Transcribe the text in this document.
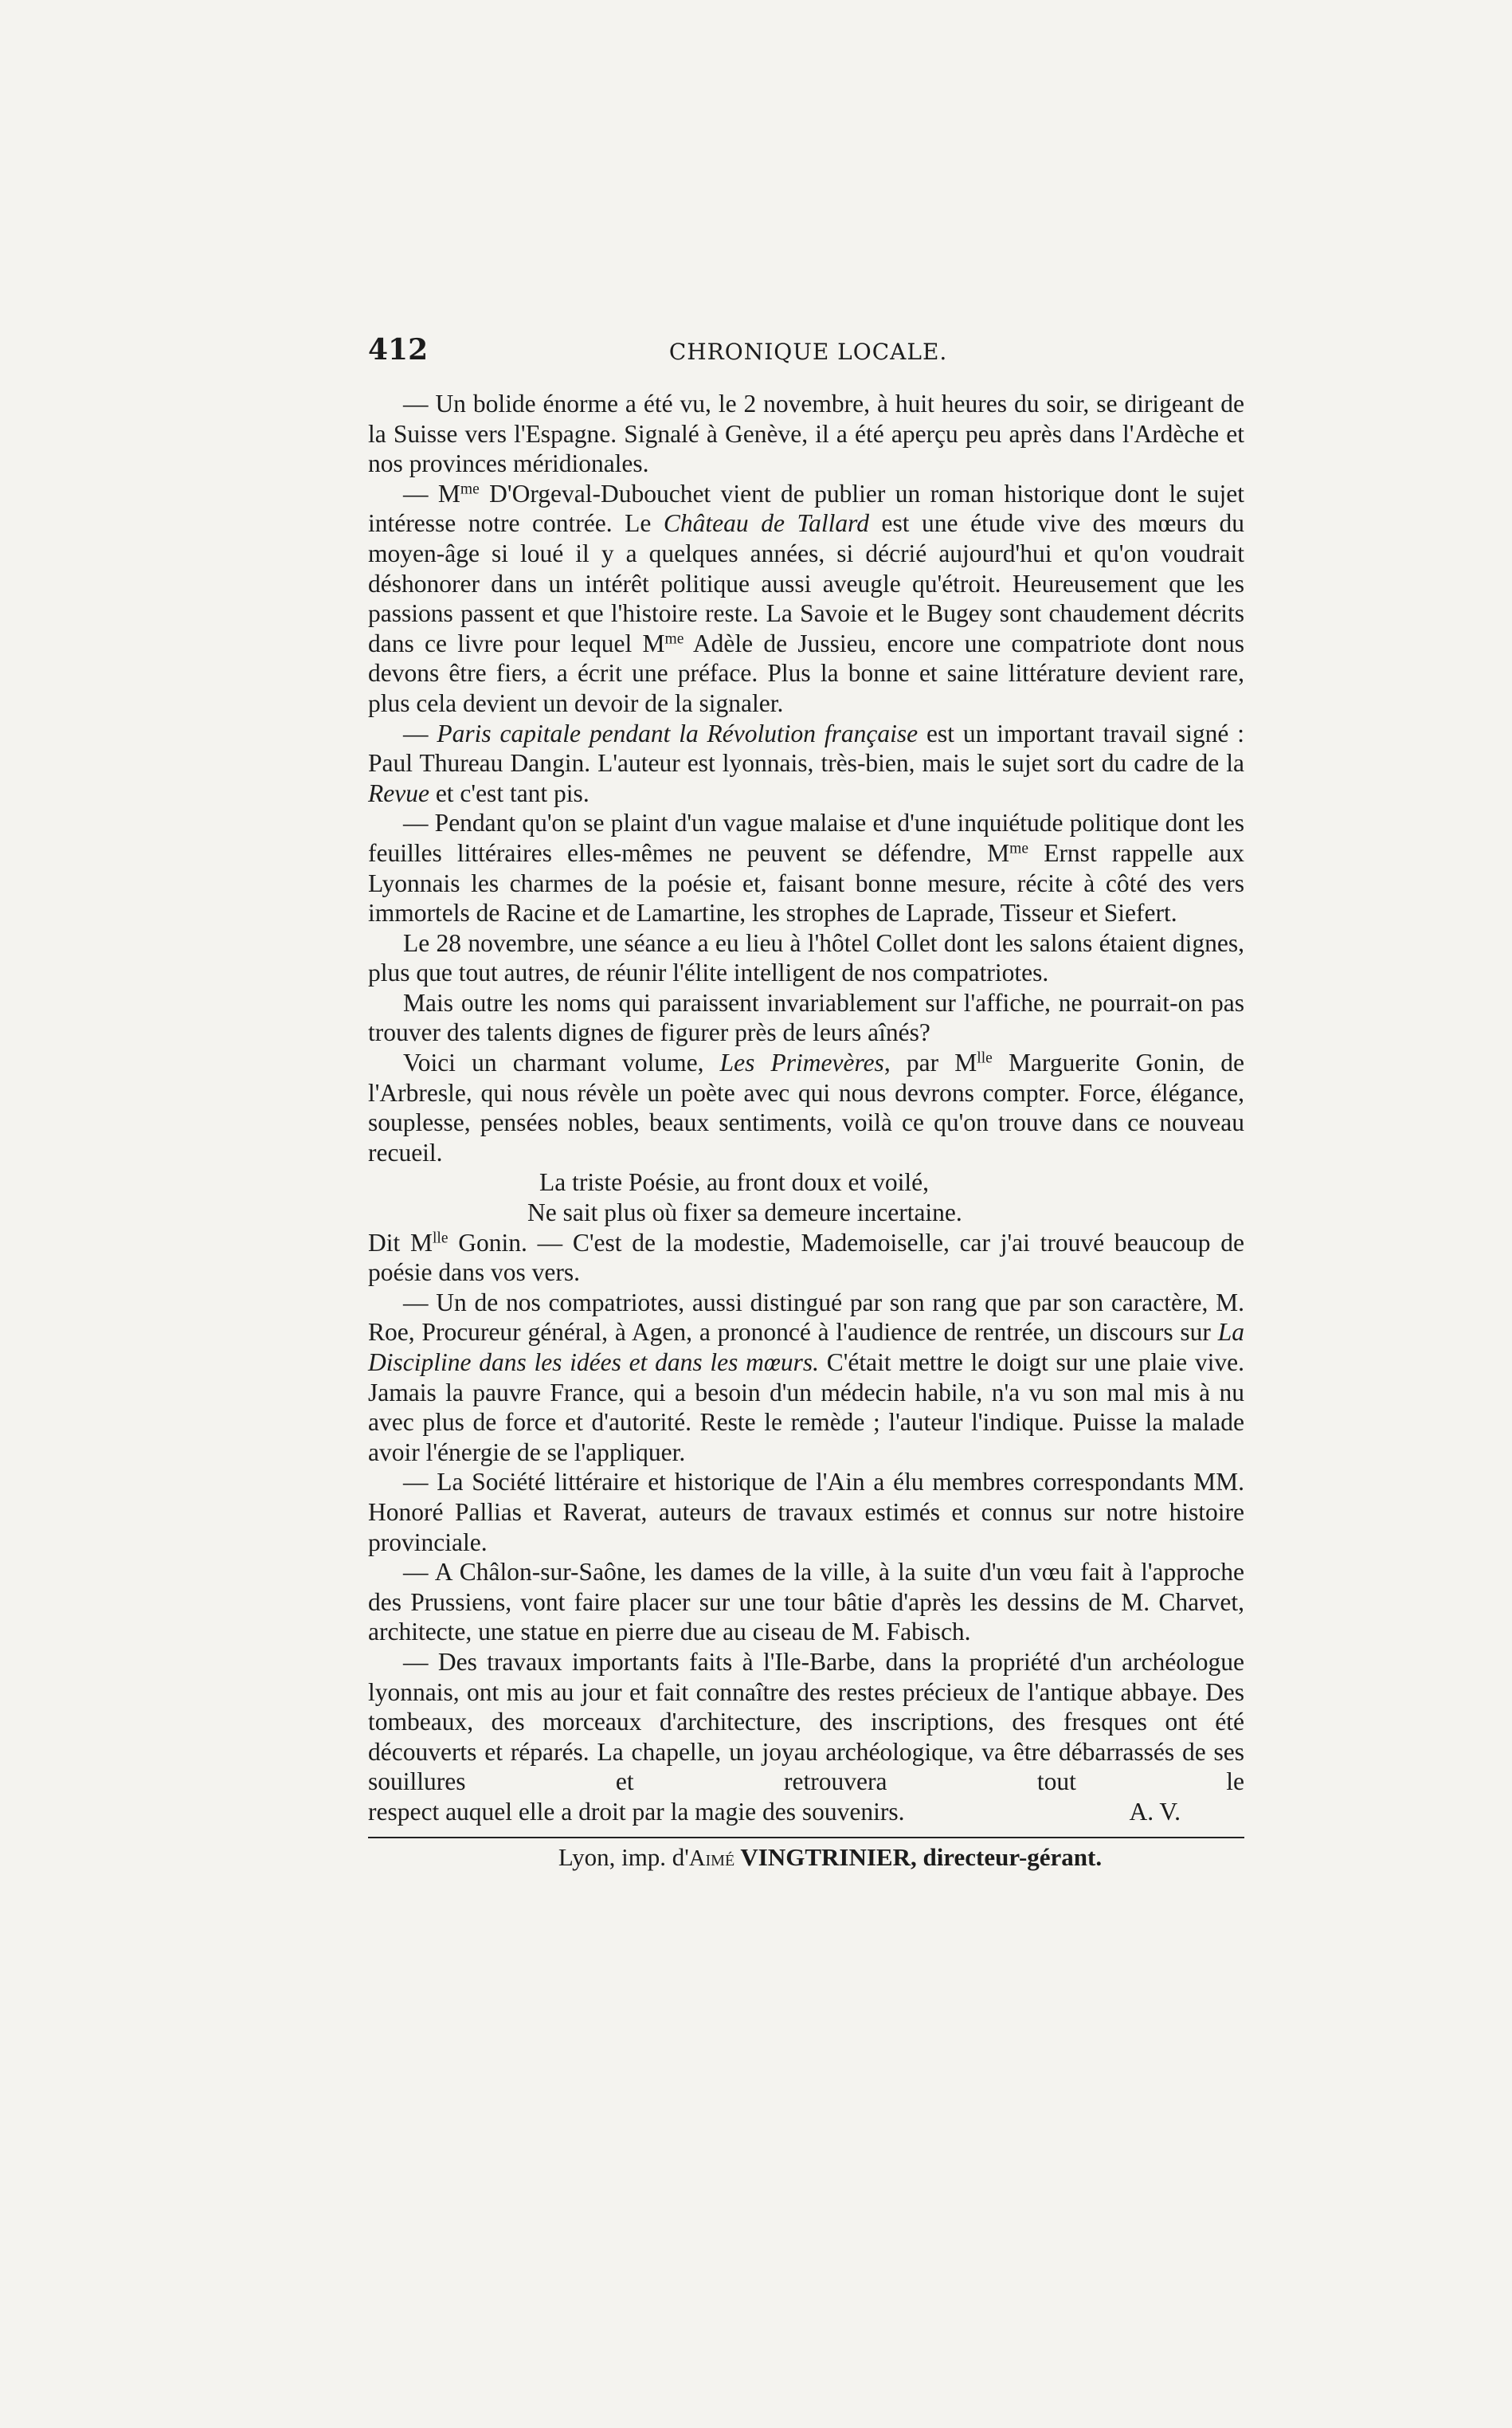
412	CHRONIQUE LOCALE.

— Un bolide énorme a été vu, le 2 novembre, à huit heures du soir, se dirigeant de la Suisse vers l'Espagne. Signalé à Genève, il a été aperçu peu après dans l'Ardèche et nos provinces méridionales.

— $M^{me}$ D'Orgeval-Dubouchet vient de publier un roman historique dont le sujet intéresse notre contrée. Le Château de Tallard est une étude vive des mœurs du moyen-âge si loué il y a quelques années, si décrié aujourd'hui et qu'on voudrait déshonorer dans un intérêt politique aussi aveugle qu'étroit. Heureusement que les passions passent et que l'histoire reste. La Savoie et le Bugey sont chaudement décrits dans ce livre pour lequel $M^{me}$ Adèle de Jussieu, encore une compatriote dont nous devons être fiers, a écrit une préface. Plus la bonne et saine littérature devient rare, plus cela devient un devoir de la signaler.

— Paris capitale pendant la Révolution française est un important travail signé : Paul Thureau Dangin. L'auteur est lyonnais, très-bien, mais le sujet sort du cadre de la Revue et c'est tant pis.

— Pendant qu'on se plaint d'un vague malaise et d'une inquiétude politique dont les feuilles littéraires elles-mêmes ne peuvent se défendre, $M^{me}$ Ernst rappelle aux Lyonnais les charmes de la poésie et, faisant bonne mesure, récite à côté des vers immortels de Racine et de Lamartine, les strophes de Laprade, Tisseur et Siefert.

Le 28 novembre, une séance a eu lieu à l'hôtel Collet dont les salons étaient dignes, plus que tout autres, de réunir l'élite intelligent de nos compatriotes.

Mais outre les noms qui paraissent invariablement sur l'affiche, ne pourrait-on pas trouver des talents dignes de figurer près de leurs aînés?

Voici un charmant volume, Les Primevères, par $M^{lle}$ Marguerite Gonin, de l'Arbresle, qui nous révèle un poète avec qui nous devrons compter. Force, élégance, souplesse, pensées nobles, beaux sentiments, voilà ce qu'on trouve dans ce nouveau recueil.

La triste Poésie, au front doux et voilé,
Ne sait plus où fixer sa demeure incertaine.

Dit $M^{lle}$ Gonin. — C'est de la modestie, Mademoiselle, car j'ai trouvé beaucoup de poésie dans vos vers.

— Un de nos compatriotes, aussi distingué par son rang que par son caractère, M. Roe, Procureur général, à Agen, a prononcé à l'audience de rentrée, un discours sur La Discipline dans les idées et dans les mœurs. C'était mettre le doigt sur une plaie vive. Jamais la pauvre France, qui a besoin d'un médecin habile, n'a vu son mal mis à nu avec plus de force et d'autorité. Reste le remède ; l'auteur l'indique. Puisse la malade avoir l'énergie de se l'appliquer.

— La Société littéraire et historique de l'Ain a élu membres correspondants MM. Honoré Pallias et Raverat, auteurs de travaux estimés et connus sur notre histoire provinciale.

— A Châlon-sur-Saône, les dames de la ville, à la suite d'un vœu fait à l'approche des Prussiens, vont faire placer sur une tour bâtie d'après les dessins de M. Charvet, architecte, une statue en pierre due au ciseau de M. Fabisch.

— Des travaux importants faits à l'Ile-Barbe, dans la propriété d'un archéologue lyonnais, ont mis au jour et fait connaître des restes précieux de l'antique abbaye. Des tombeaux, des morceaux d'architecture, des inscriptions, des fresques ont été découverts et réparés. La chapelle, un joyau archéologique, va être débarrassés de ses souillures et retrouvera tout le

respect auquel elle a droit par la magie des souvenirs.	A. V.
Lyon, imp. d'Aimé VINGTRINIER, directeur-gérant.
